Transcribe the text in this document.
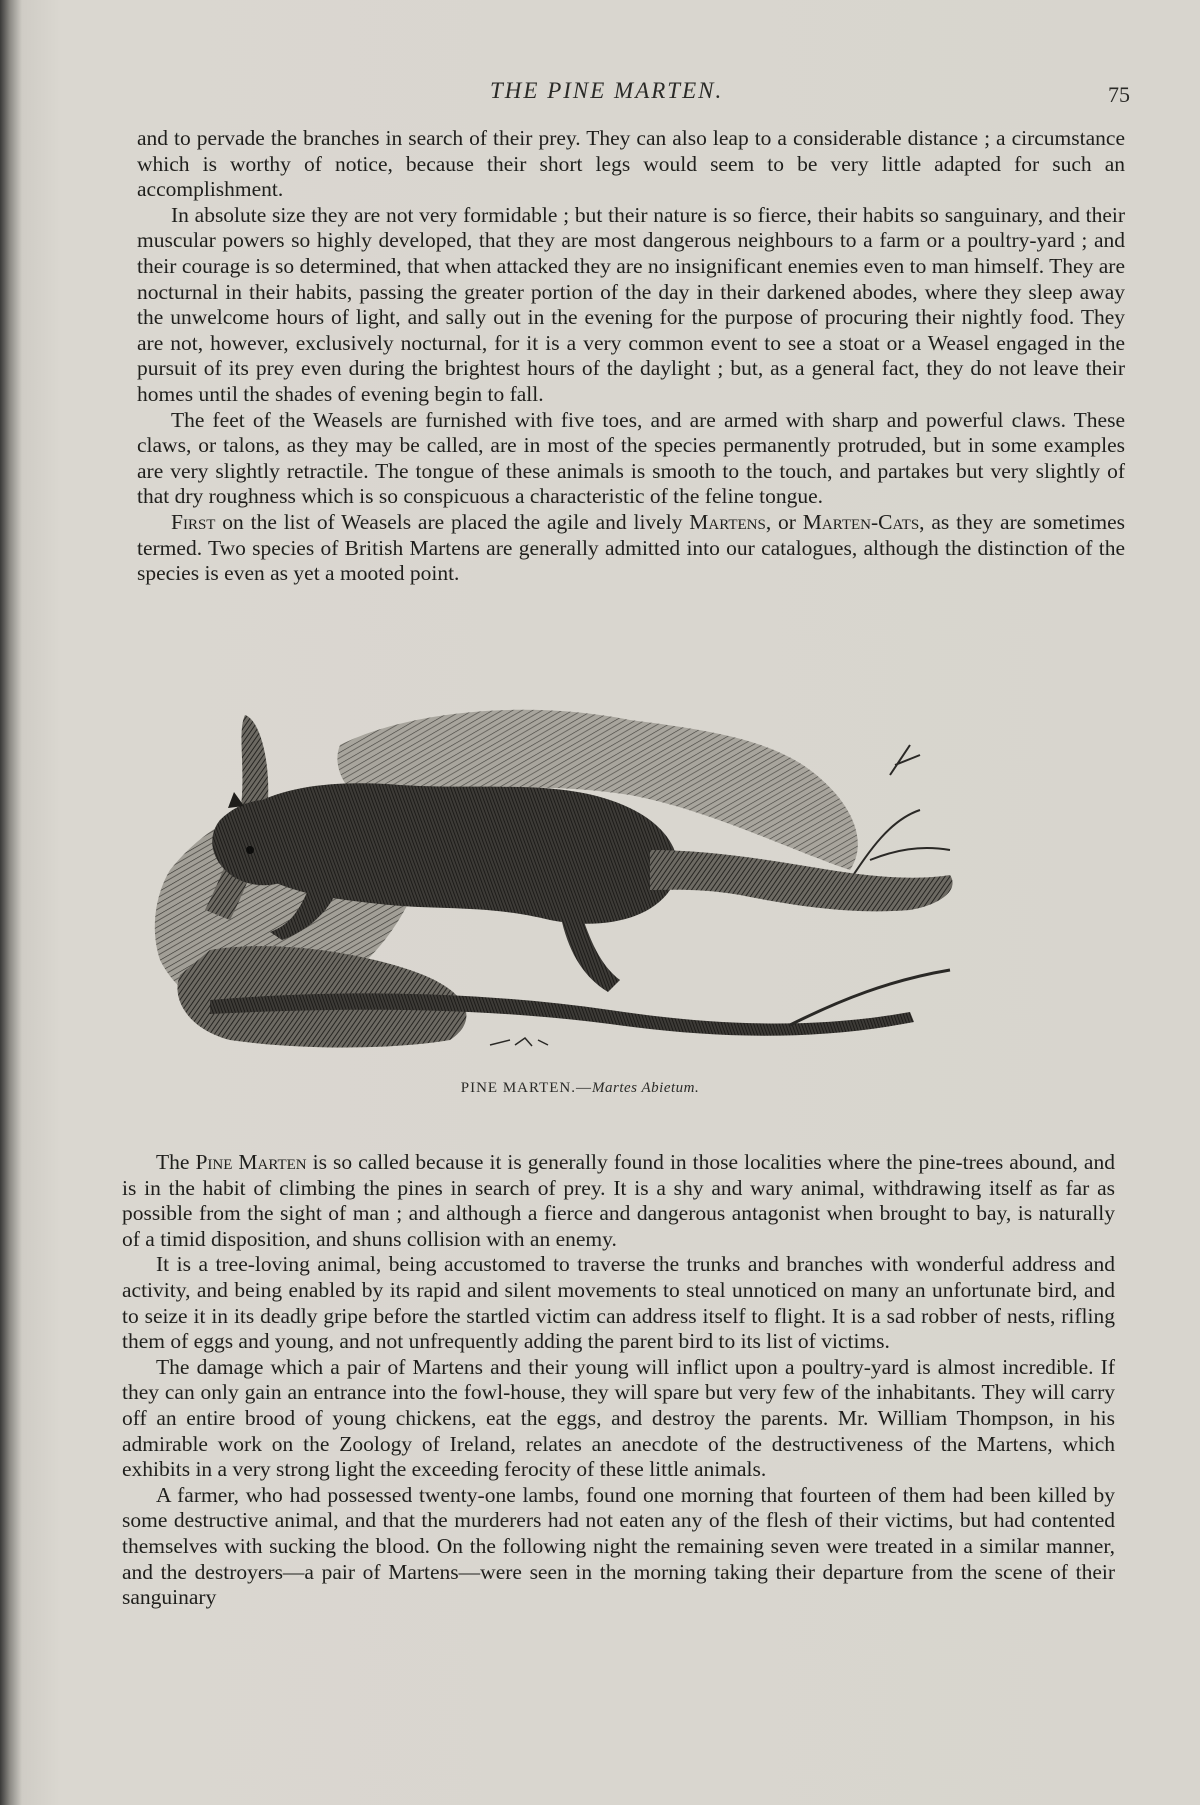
THE PINE MARTEN.	75

and to pervade the branches in search of their prey. They can also leap to a considerable distance ; a circumstance which is worthy of notice, because their short legs would seem to be very little adapted for such an accomplishment.

In absolute size they are not very formidable ; but their nature is so fierce, their habits so sanguinary, and their muscular powers so highly developed, that they are most dangerous neighbours to a farm or a poultry-yard ; and their courage is so determined, that when attacked they are no insignificant enemies even to man himself. They are nocturnal in their habits, passing the greater portion of the day in their darkened abodes, where they sleep away the unwelcome hours of light, and sally out in the evening for the purpose of procuring their nightly food. They are not, however, exclusively nocturnal, for it is a very common event to see a stoat or a Weasel engaged in the pursuit of its prey even during the brightest hours of the daylight ; but, as a general fact, they do not leave their homes until the shades of evening begin to fall.

The feet of the Weasels are furnished with five toes, and are armed with sharp and powerful claws. These claws, or talons, as they may be called, are in most of the species permanently protruded, but in some examples are very slightly retractile. The tongue of these animals is smooth to the touch, and partakes but very slightly of that dry roughness which is so conspicuous a characteristic of the feline tongue.

First on the list of Weasels are placed the agile and lively Martens, or Marten-Cats, as they are sometimes termed. Two species of British Martens are generally admitted into our catalogues, although the distinction of the species is even as yet a mooted point.

PINE MARTEN.—Martes Abietum.

The Pine Marten is so called because it is generally found in those localities where the pine-trees abound, and is in the habit of climbing the pines in search of prey. It is a shy and wary animal, withdrawing itself as far as possible from the sight of man ; and although a fierce and dangerous antagonist when brought to bay, is naturally of a timid disposition, and shuns collision with an enemy.

It is a tree-loving animal, being accustomed to traverse the trunks and branches with wonderful address and activity, and being enabled by its rapid and silent movements to steal unnoticed on many an unfortunate bird, and to seize it in its deadly gripe before the startled victim can address itself to flight. It is a sad robber of nests, rifling them of eggs and young, and not unfrequently adding the parent bird to its list of victims.

The damage which a pair of Martens and their young will inflict upon a poultry-yard is almost incredible. If they can only gain an entrance into the fowl-house, they will spare but very few of the inhabitants. They will carry off an entire brood of young chickens, eat the eggs, and destroy the parents. Mr. William Thompson, in his admirable work on the Zoology of Ireland, relates an anecdote of the destructiveness of the Martens, which exhibits in a very strong light the exceeding ferocity of these little animals.

A farmer, who had possessed twenty-one lambs, found one morning that fourteen of them had been killed by some destructive animal, and that the murderers had not eaten any of the flesh of their victims, but had contented themselves with sucking the blood. On the following night the remaining seven were treated in a similar manner, and the destroyers—a pair of Martens—were seen in the morning taking their departure from the scene of their sanguinary
